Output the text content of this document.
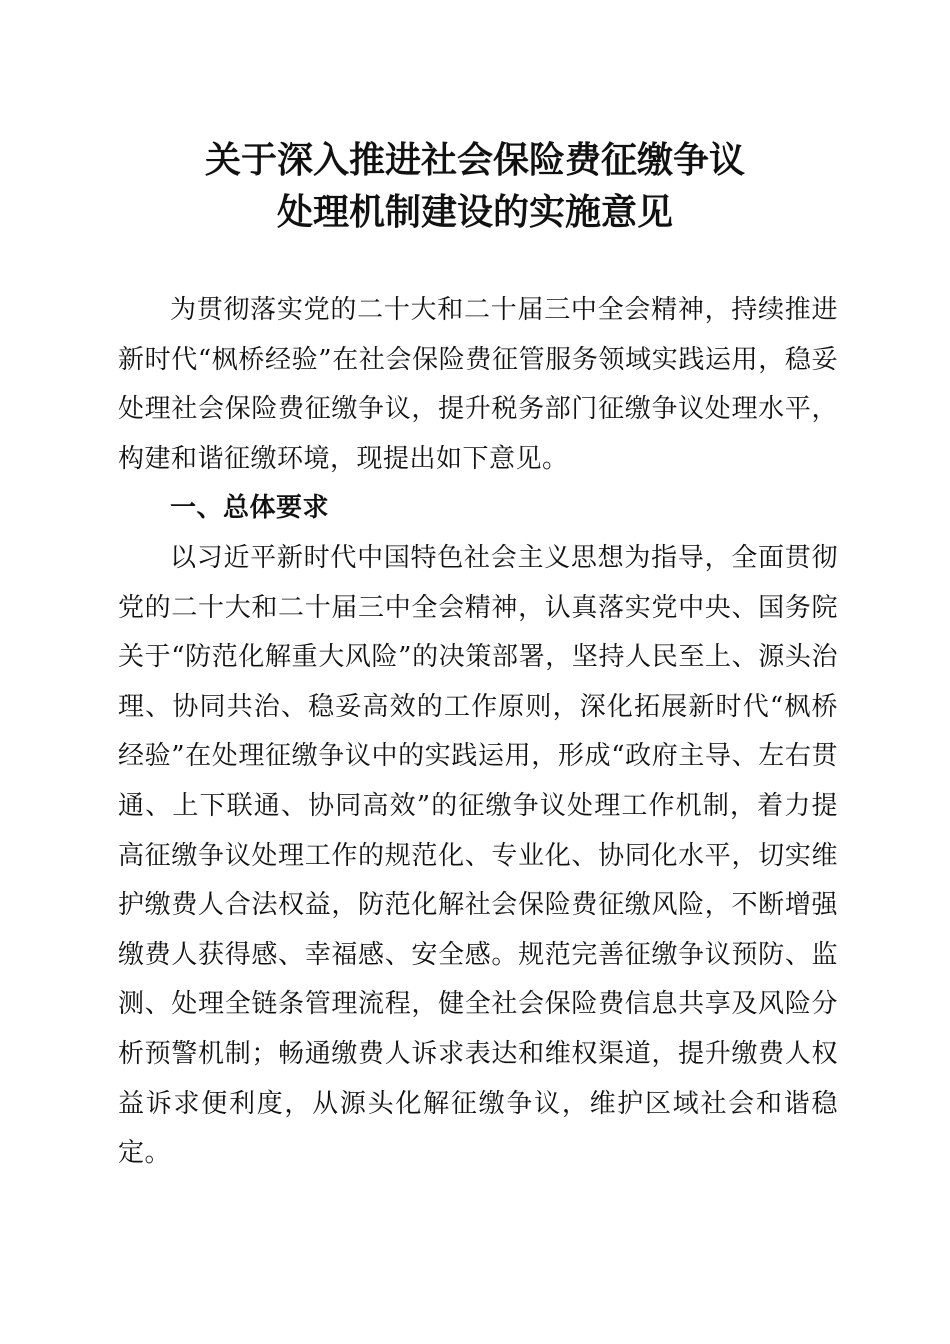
关于深入推进社会保险费征缴争议
处理机制建设的实施意见

为贯彻落实党的二十大和二十届三中全会精神，持续推进新时代“枫桥经验”在社会保险费征管服务领域实践运用，稳妥处理社会保险费征缴争议，提升税务部门征缴争议处理水平，构建和谐征缴环境，现提出如下意见。

一、总体要求

以习近平新时代中国特色社会主义思想为指导，全面贯彻党的二十大和二十届三中全会精神，认真落实党中央、国务院关于“防范化解重大风险”的决策部署，坚持人民至上、源头治理、协同共治、稳妥高效的工作原则，深化拓展新时代“枫桥经验”在处理征缴争议中的实践运用，形成“政府主导、左右贯通、上下联通、协同高效”的征缴争议处理工作机制，着力提高征缴争议处理工作的规范化、专业化、协同化水平，切实维护缴费人合法权益，防范化解社会保险费征缴风险，不断增强缴费人获得感、幸福感、安全感。规范完善征缴争议预防、监测、处理全链条管理流程，健全社会保险费信息共享及风险分析预警机制；畅通缴费人诉求表达和维权渠道，提升缴费人权益诉求便利度，从源头化解征缴争议，维护区域社会和谐稳定。
